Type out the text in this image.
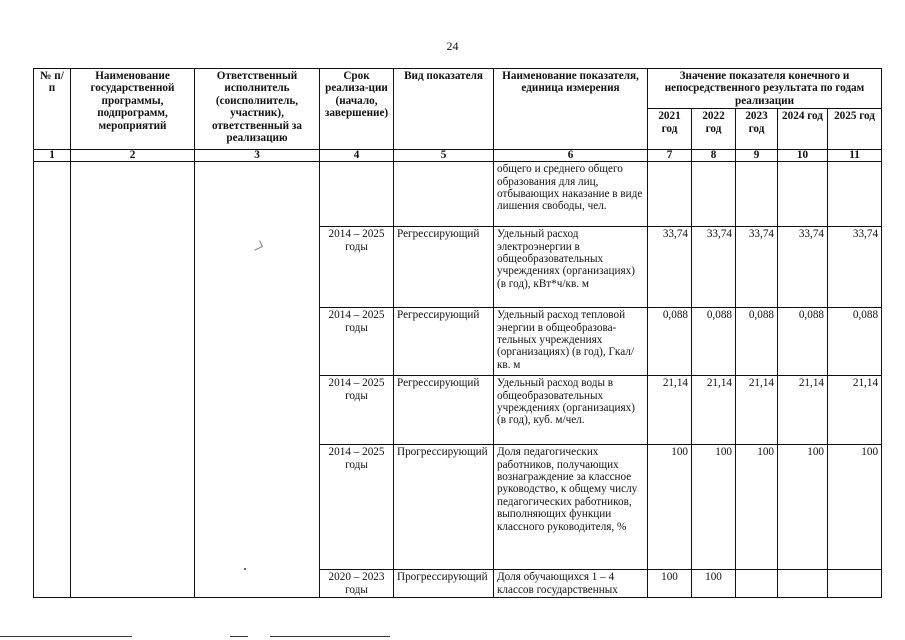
24
№ п/п	Наименование государственной программы, подпрограмм, мероприятий	Ответственный исполнитель (соисполнитель, участник), ответственный за реализацию	Срок реализа-ции (начало, завершение)	Вид показателя	Наименование показателя, единица измерения	Значение показателя конечного и непосредственного результата по годам реализации				
						2021 год	2022 год	2023 год	2024 год	2025 год
1	2	3	4	5	6	7	8	9	10	11
					общего и среднего общего образования для лиц, отбывающих наказание в виде лишения свободы, чел.					
			2014 – 2025 годы	Регрессирующий	Удельный расход электроэнергии в общеобразовательных учреждениях (организациях) (в год), кВт*ч/кв. м	33,74	33,74	33,74	33,74	33,74
			2014 – 2025 годы	Регрессирующий	Удельный расход тепловой энергии в общеобразова-тельных учреждениях (организациях) (в год), Гкал/кв. м	0,088	0,088	0,088	0,088	0,088
			2014 – 2025 годы	Регрессирующий	Удельный расход воды в общеобразовательных учреждениях (организациях) (в год), куб. м/чел.	21,14	21,14	21,14	21,14	21,14
			2014 – 2025 годы	Прогрессирующий	Доля педагогических работников, получающих вознаграждение за классное руководство, к общему числу педагогических работников, выполняющих функции классного руководителя, %	100	100	100	100	100
			2020 – 2023 годы	Прогрессирующий	Доля обучающихся 1 – 4 классов государственных	100	100			
